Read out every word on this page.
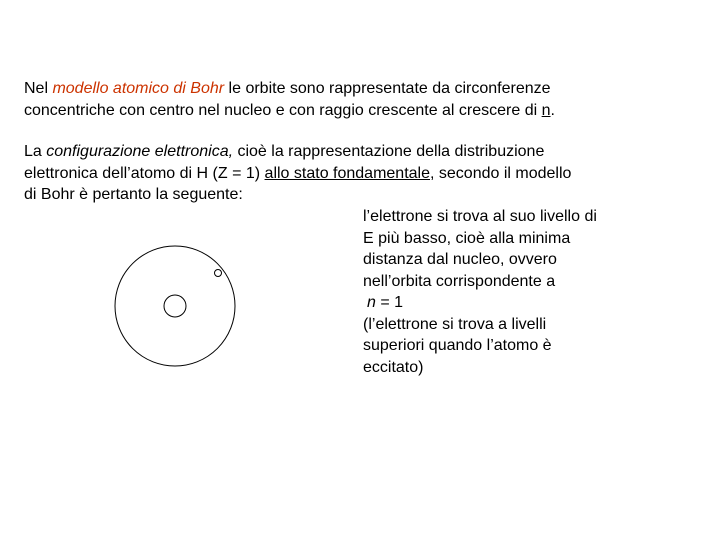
Nel modello atomico di Bohr le orbite sono rappresentate da circonferenze
concentriche con centro nel nucleo e con raggio crescente al crescere di n.

La configurazione elettronica, cioè la rappresentazione della distribuzione
elettronica dell’atomo di H (Z = 1) allo stato fondamentale, secondo il modello
di Bohr è pertanto la seguente:

l’elettrone si trova al suo livello di
E più basso, cioè alla minima
distanza dal nucleo, ovvero
nell’orbita corrispondente a
n = 1
(l’elettrone si trova a livelli
superiori quando l’atomo è
eccitato)
